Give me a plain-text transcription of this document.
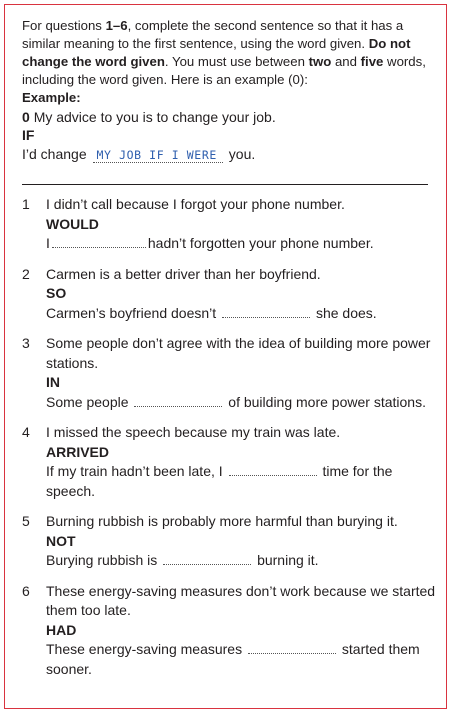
For questions 1–6, complete the second sentence so that it has a similar meaning to the first sentence, using the word given. Do not change the word given. You must use between two and five words, including the word given. Here is an example (0):
Example:
0 My advice to you is to change your job.
IF
I’d change MY JOB IF I WERE you.
1 I didn’t call because I forgot your phone number.
WOULD
I	hadn’t forgotten your phone number.
2 Carmen is a better driver than her boyfriend.
SO
Carmen’s boyfriend doesn’t	she does.
3 Some people don’t agree with the idea of building more power stations.
IN
Some people	of building more power stations.
4 I missed the speech because my train was late.
ARRIVED
If my train hadn’t been late, I	time for the speech.
5 Burning rubbish is probably more harmful than burying it.
NOT
Burying rubbish is	burning it.
6 These energy-saving measures don’t work because we started them too late.
HAD
These energy-saving measures	started them sooner.
